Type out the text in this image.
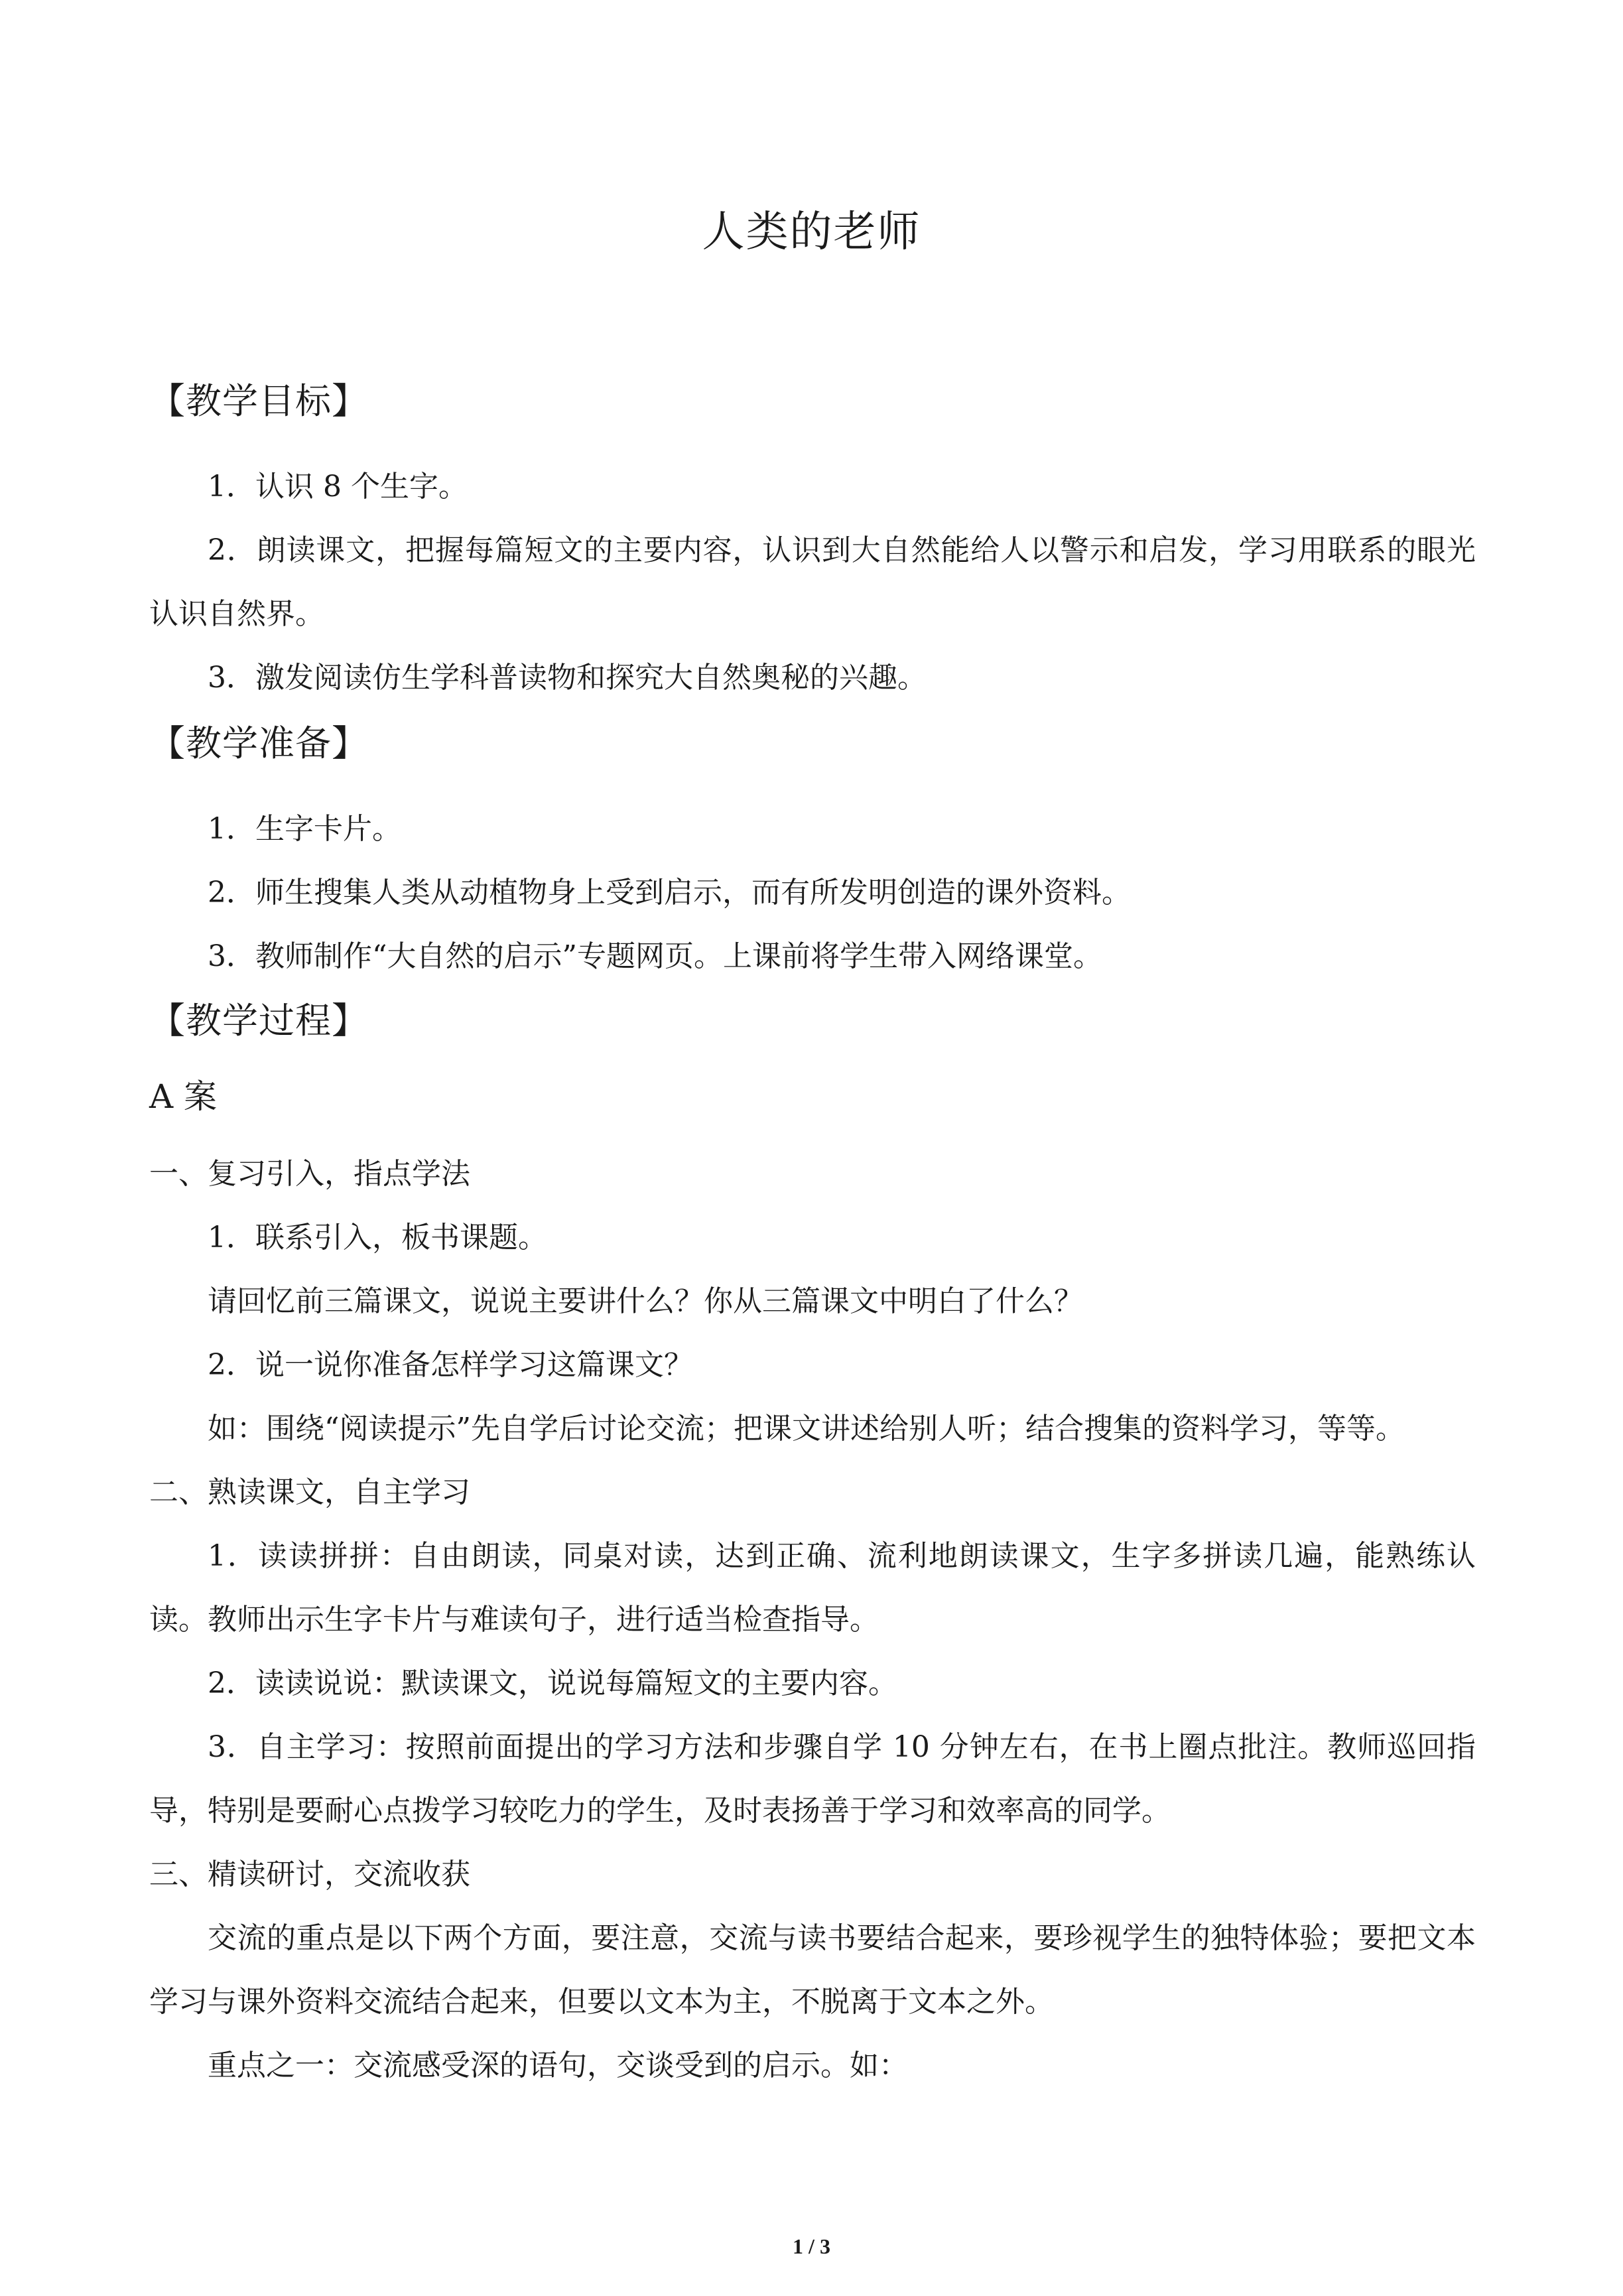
人类的老师
【教学目标】

1．认识 8 个生字。

2．朗读课文，把握每篇短文的主要内容，认识到大自然能给人以警示和启发，学习用联系的眼光认识自然界。

3．激发阅读仿生学科普读物和探究大自然奥秘的兴趣。

【教学准备】

1．生字卡片。

2．师生搜集人类从动植物身上受到启示，而有所发明创造的课外资料。

3．教师制作“大自然的启示”专题网页。上课前将学生带入网络课堂。

【教学过程】
A 案

一、复习引入，指点学法

1．联系引入，板书课题。

请回忆前三篇课文，说说主要讲什么？你从三篇课文中明白了什么？

2．说一说你准备怎样学习这篇课文？

如：围绕“阅读提示”先自学后讨论交流；把课文讲述给别人听；结合搜集的资料学习，等等。

二、熟读课文，自主学习

1．读读拼拼：自由朗读，同桌对读，达到正确、流利地朗读课文，生字多拼读几遍，能熟练认读。教师出示生字卡片与难读句子，进行适当检查指导。

2．读读说说：默读课文，说说每篇短文的主要内容。

3．自主学习：按照前面提出的学习方法和步骤自学 10 分钟左右，在书上圈点批注。教师巡回指导，特别是要耐心点拨学习较吃力的学生，及时表扬善于学习和效率高的同学。

三、精读研讨，交流收获

交流的重点是以下两个方面，要注意，交流与读书要结合起来，要珍视学生的独特体验；要把文本学习与课外资料交流结合起来，但要以文本为主，不脱离于文本之外。

重点之一：交流感受深的语句，交谈受到的启示。如：

1 / 3
